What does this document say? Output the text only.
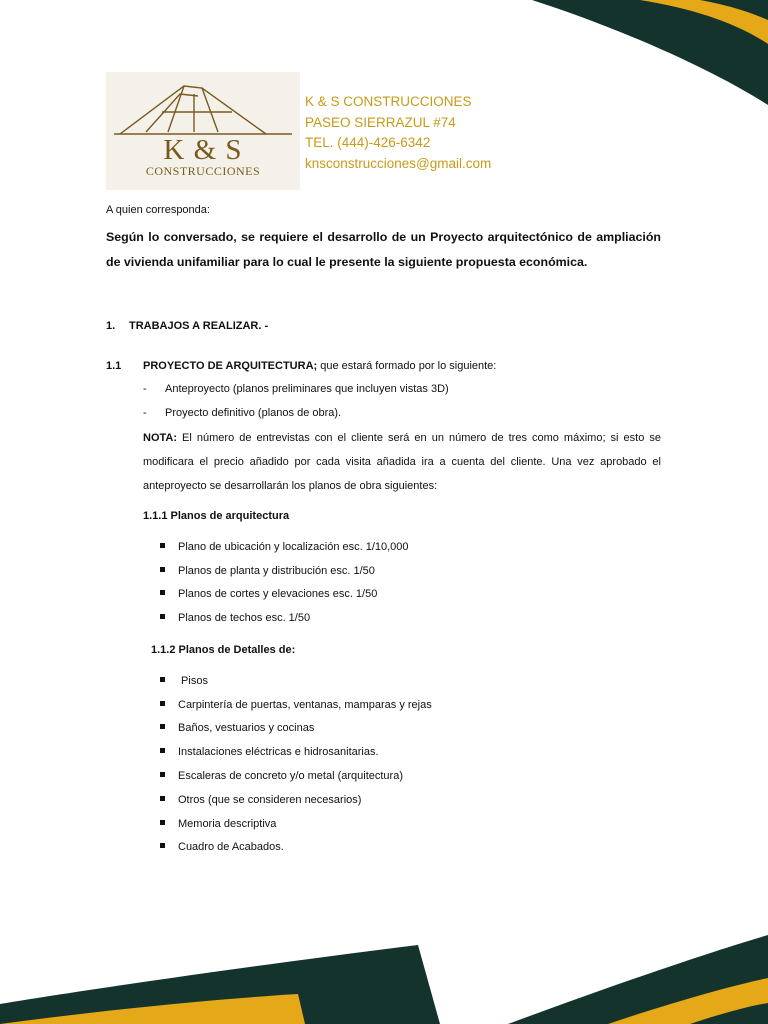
K & S
CONSTRUCCIONES
K & S CONSTRUCCIONES
PASEO SIERRAZUL #74
TEL. (444)-426-6342
knsconstrucciones@gmail.com
A quien corresponda:
Según lo conversado, se requiere el desarrollo de un Proyecto arquitectónico de ampliación de vivienda unifamiliar para lo cual le presente la siguiente propuesta económica.
1. TRABAJOS A REALIZAR. -
1.1 PROYECTO DE ARQUITECTURA; que estará formado por lo siguiente:
- Anteproyecto (planos preliminares que incluyen vistas 3D)
- Proyecto definitivo (planos de obra).
NOTA: El número de entrevistas con el cliente será en un número de tres como máximo; si esto se modificara el precio añadido por cada visita añadida ira a cuenta del cliente. Una vez aprobado el anteproyecto se desarrollarán los planos de obra siguientes:
1.1.1 Planos de arquitectura
Plano de ubicación y localización esc. 1/10,000
Planos de planta y distribución esc. 1/50
Planos de cortes y elevaciones esc. 1/50
Planos de techos esc. 1/50
1.1.2 Planos de Detalles de:
Pisos
Carpintería de puertas, ventanas, mamparas y rejas
Baños, vestuarios y cocinas
Instalaciones eléctricas e hidrosanitarias.
Escaleras de concreto y/o metal (arquitectura)
Otros (que se consideren necesarios)
Memoria descriptiva
Cuadro de Acabados.
